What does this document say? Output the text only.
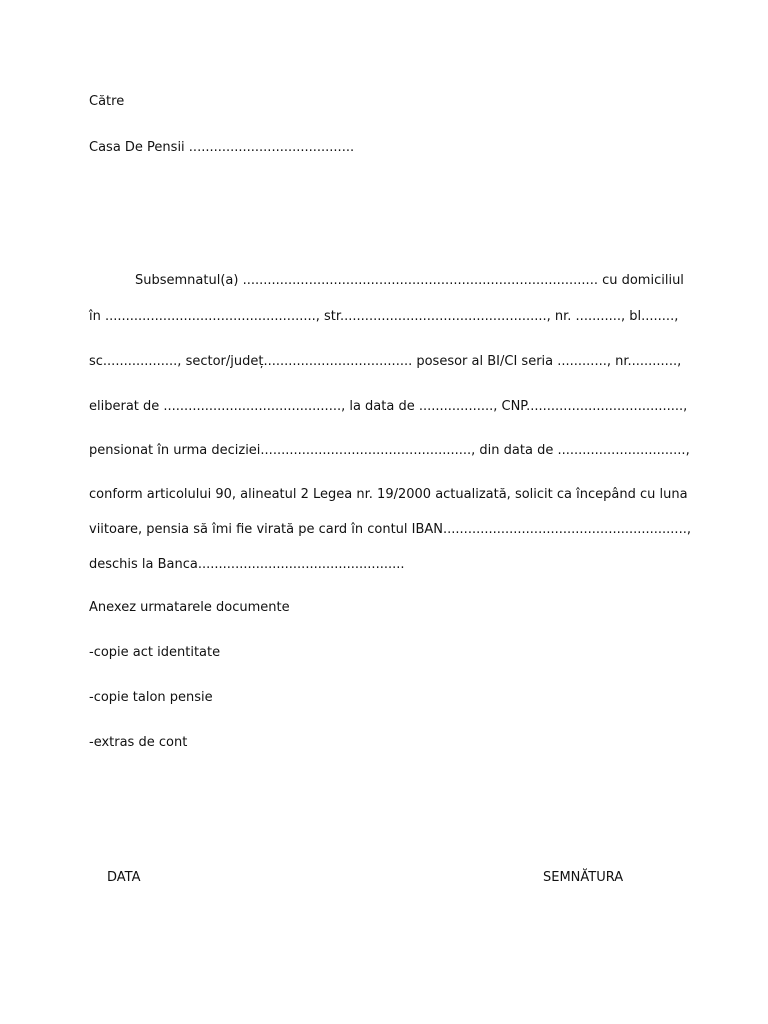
Către
Casa De Pensii ........................................
Subsemnatul(a) ...................................................................................... cu domiciliul
în ..................................................., str.................................................., nr. ..........., bl........,
sc.................., sector/județ.................................... posesor al BI/CI seria ............, nr............,
eliberat de ..........................................., la data de .................., CNP......................................,
pensionat în urma deciziei..................................................., din data de ...............................,
conform articolului 90, alineatul 2 Legea nr. 19/2000 actualizată, solicit ca începând cu luna
viitoare, pensia să îmi fie virată pe card în contul IBAN...........................................................,
deschis la Banca..................................................
Anexez urmatarele documente
-copie act identitate
-copie talon pensie
-extras de cont
DATA	SEMNĂTURA
